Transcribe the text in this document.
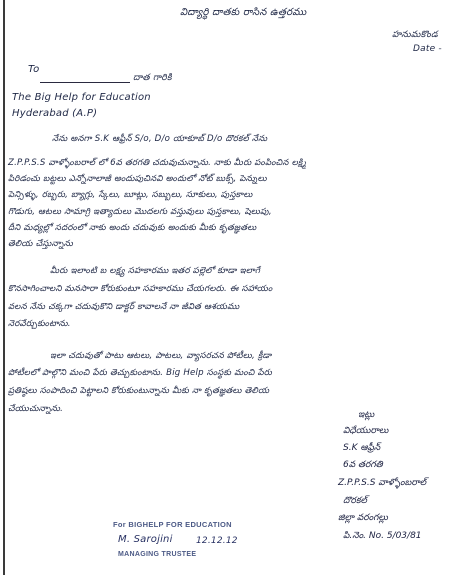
విద్యార్థి దాతకు రాసిన ఉత్తరము
హనుమకొండ
Date -
To
దాత గారికి
The Big Help for Education
Hyderabad (A.P)
నేను అనగా S.K ఆఫ్రీన్ S/o, D/o యాకూబ్ D/o దొరకల్ నేను
Z.P.P.S.S వాళ్ళోంబరాల్ లో 6వ తరగతి చదువుచున్నాను. నాకు మీరు పంపించిన లక్ష్మి
పిరిడంచు బట్టలు ఎన్నోనాలాజీ అందుపుచినవి అందులో నోట్ బుక్స్, పెన్నులు
పెన్సిళ్ళు, రబ్బరు, బ్యాగ్లు, స్కేలు, బూట్లు, సబ్బులు, సూకులు, పుస్తకాలు
గొడుగు, ఆటలు సామాగ్రి ఇత్యాదులు మొదలగు వస్తువులు పుస్తకాలు, షెలుపు,
దీని మధ్యల్లో సదరంలో నాకు అందు చదువుకు అందుకు మీకు కృతజ్ఞతలు
తెలియ చేస్తున్నాను
మీరు ఇలాంటి బ లక్ష్య సహకారము ఇతర పల్లెలో కూడా ఇలాగే
కొనసాగించాలని మనసారా కోరుకుంటూ సహకారము చేయగలరు. ఈ సహాయం
వలన నేను చక్కగా చదువుకొని డాక్టర్ కావాలనే నా జీవిత ఆశయము
నెరవేర్చుకుంటాను.
ఇలా చదువుతో పాటు ఆటలు, పాటలు, వ్యాసరచన పోటీలు, క్రీడా
పోటీలలో పాల్గొని మంచి పేరు తెచ్చుకుంటాను. Big Help సంస్థకు మంచి పేరు
ప్రతిష్ఠలు సంపాదించి పెట్టాలని కోరుకుంటున్నాను మీకు నా కృతజ్ఞతలు తెలియ
చేయుచున్నాను.
ఇట్లు
విధేయురాలు
S.K ఆఫ్రీన్
6వ తరగతి
Z.P.P.S.S వాళ్ళోంబరాల్
దొరకల్
జిల్లా వరంగల్లు
పి.నెం. No. 5/03/81
For BIGHELP FOR EDUCATION
M. Sarojini	12.12.12
MANAGING TRUSTEE
